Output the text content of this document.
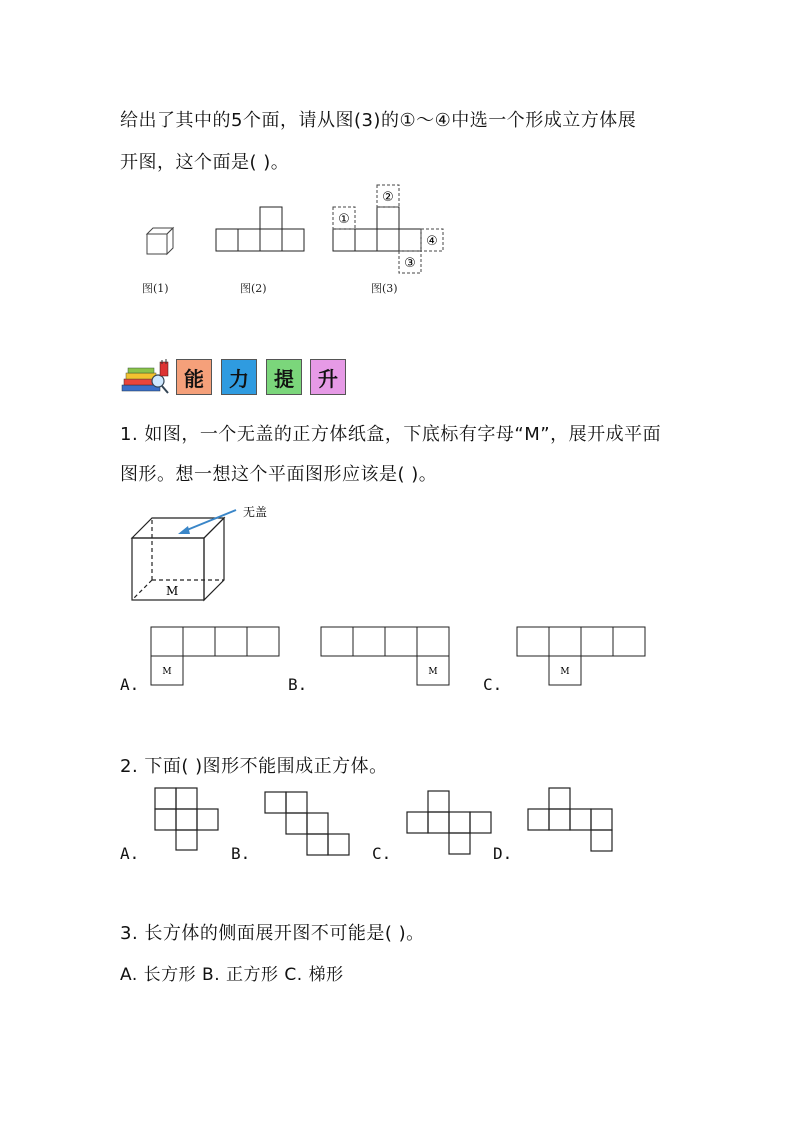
给出了其中的5个面，请从图(3)的①～④中选一个形成立方体展
开图，这个面是( )。
图(1)	图(2)
①
②
③
④
图(3)
能	力	提	升
1. 如图，一个无盖的正方体纸盒，下底标有字母“M”，展开成平面
图形。想一想这个平面图形应该是( )。
无盖
M
M
A.
M
B.
M
C.
2. 下面( )图形不能围成正方体。
A.	B.	C.	D.
3. 长方体的侧面展开图不可能是( )。
A. 长方形 B. 正方形 C. 梯形
